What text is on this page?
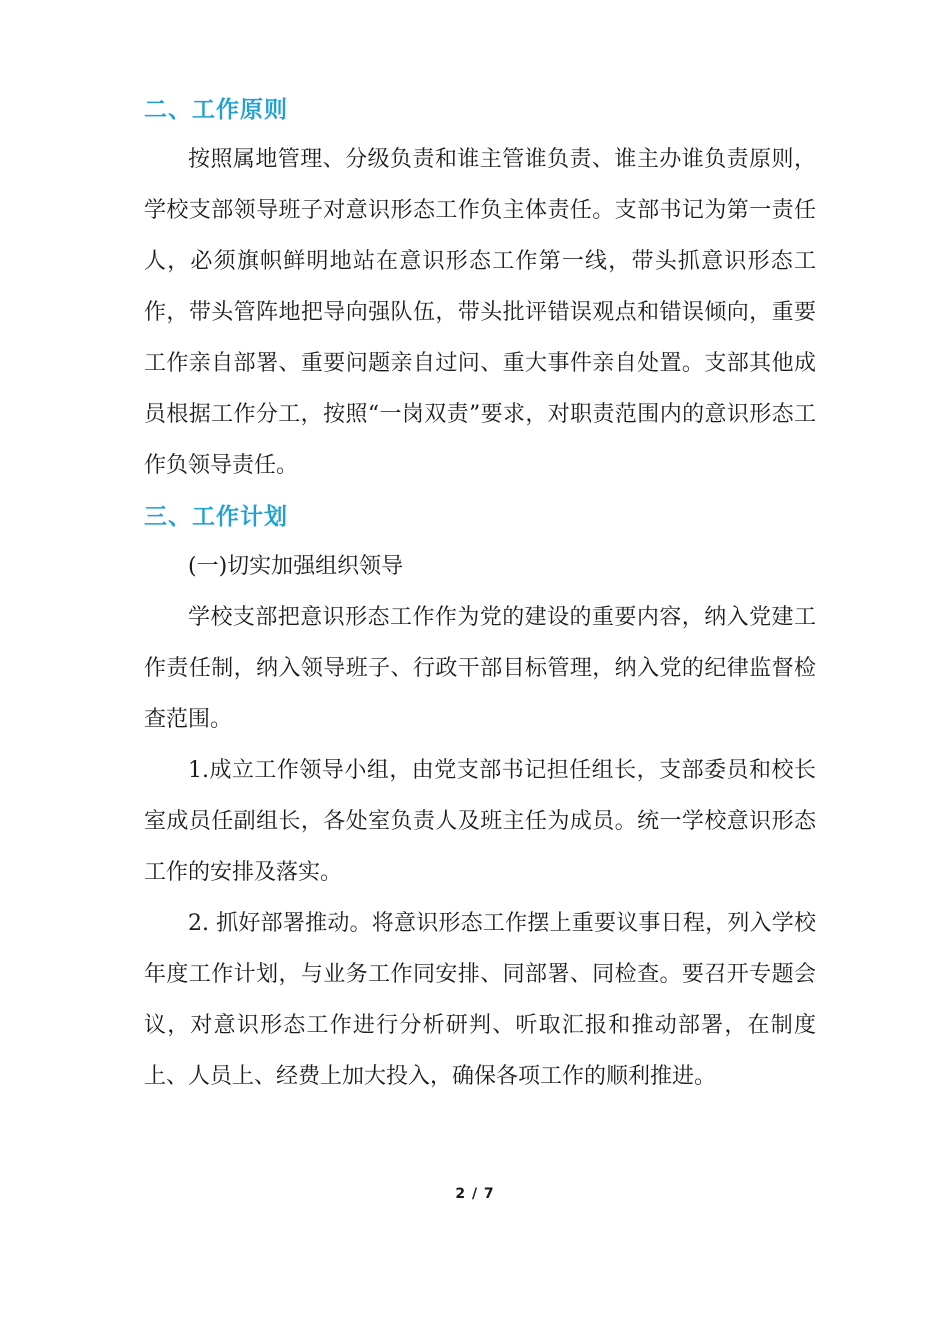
二、工作原则

按照属地管理、分级负责和谁主管谁负责、谁主办谁负责原则，学校支部领导班子对意识形态工作负主体责任。支部书记为第一责任人，必须旗帜鲜明地站在意识形态工作第一线，带头抓意识形态工作，带头管阵地把导向强队伍，带头批评错误观点和错误倾向，重要工作亲自部署、重要问题亲自过问、重大事件亲自处置。支部其他成员根据工作分工，按照“一岗双责”要求，对职责范围内的意识形态工作负领导责任。

三、工作计划

(一)切实加强组织领导

学校支部把意识形态工作作为党的建设的重要内容，纳入党建工作责任制，纳入领导班子、行政干部目标管理，纳入党的纪律监督检查范围。

1.成立工作领导小组，由党支部书记担任组长，支部委员和校长室成员任副组长，各处室负责人及班主任为成员。统一学校意识形态工作的安排及落实。

2. 抓好部署推动。将意识形态工作摆上重要议事日程，列入学校年度工作计划，与业务工作同安排、同部署、同检查。要召开专题会议，对意识形态工作进行分析研判、听取汇报和推动部署，在制度上、人员上、经费上加大投入，确保各项工作的顺利推进。

2 / 7
